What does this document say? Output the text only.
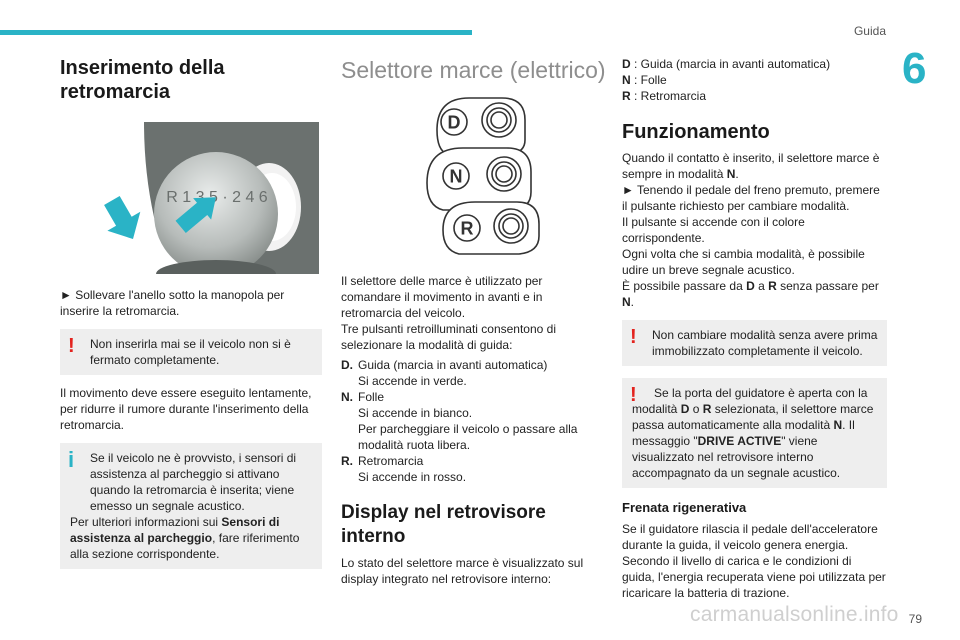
Guida
6
Inserimento della
retromarcia
R 1 3 5 · 2 4 6

► Sollevare l'anello sotto la manopola per inserire la retromarcia.

!	Non inserirla mai se il veicolo non si è fermato completamente.

Il movimento deve essere eseguito lentamente, per ridurre il rumore durante l'inserimento della retromarcia.

i	Se il veicolo ne è provvisto, i sensori di assistenza al parcheggio si attivano quando la retromarcia è inserita; viene emesso un segnale acustico.

Per ulteriori informazioni sui Sensori di assistenza al parcheggio, fare riferimento alla sezione corrispondente.

Selettore marce (elettrico)
D
N
R

Il selettore delle marce è utilizzato per comandare il movimento in avanti e in retromarcia del veicolo.

Tre pulsanti retroilluminati consentono di selezionare la modalità di guida:

D. Guida (marcia in avanti automatica)
Si accende in verde.
N. Folle
Si accende in bianco.
Per parcheggiare il veicolo o passare alla modalità ruota libera.
R. Retromarcia
Si accende in rosso.
Display nel retrovisore
interno

Lo stato del selettore marce è visualizzato sul display integrato nel retrovisore interno:

D : Guida (marcia in avanti automatica)

N : Folle

R : Retromarcia

Funzionamento

Quando il contatto è inserito, il selettore marce è sempre in modalità N.

► Tenendo il pedale del freno premuto, premere il pulsante richiesto per cambiare modalità.

Il pulsante si accende con il colore corrispondente.

Ogni volta che si cambia modalità, è possibile udire un breve segnale acustico.

È possibile passare da D a R senza passare per N.

!	Non cambiare modalità senza avere prima immobilizzato completamente il veicolo.

!	Se la porta del guidatore è aperta con la modalità D o R selezionata, il selettore marce passa automaticamente alla modalità N. Il messaggio "DRIVE ACTIVE" viene visualizzato nel retrovisore interno accompagnato da un segnale acustico.

Frenata rigenerativa

Se il guidatore rilascia il pedale dell'acceleratore durante la guida, il veicolo genera energia. Secondo il livello di carica e le condizioni di guida, l'energia recuperata viene poi utilizzata per ricaricare la batteria di trazione.

carmanualsonline.info 79
